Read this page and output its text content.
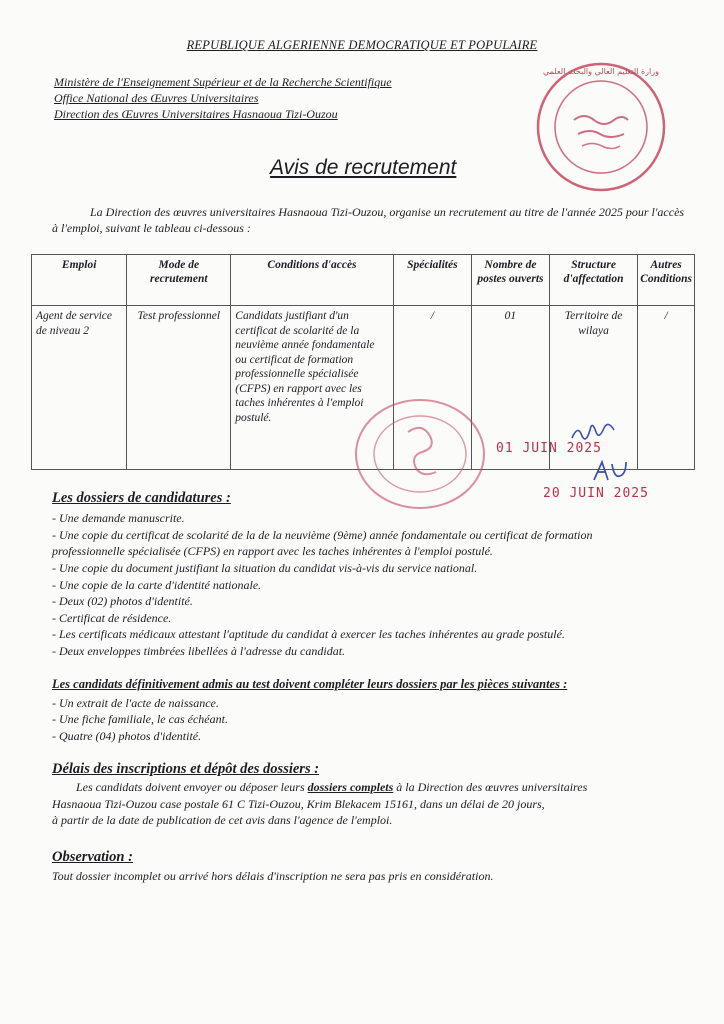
REPUBLIQUE ALGERIENNE DEMOCRATIQUE ET POPULAIRE
Ministère de l'Enseignement Supérieur et de la Recherche Scientifique
Office National des Œuvres Universitaires
Direction des Œuvres Universitaires Hasnaoua Tizi-Ouzou
وزارة التعليم العالي والبحث العلمي
Avis de recrutement
La Direction des œuvres universitaires Hasnaoua Tizi-Ouzou, organise un recrutement au titre de l'année 2025 pour l'accès à l'emploi, suivant le tableau ci-dessous :
Emploi	Mode de recrutement	Conditions d'accès	Spécialités	Nombre de postes ouverts	Structure d'affectation	Autres Conditions
Agent de service de niveau 2	Test professionnel	Candidats justifiant d'un certificat de scolarité de la neuvième année fondamentale ou certificat de formation professionnelle spécialisée (CFPS) en rapport avec les taches inhérentes à l'emploi postulé.	/	01	Territoire de wilaya	/
01 JUIN 2025
20 JUIN 2025
Les dossiers de candidatures :
- Une demande manuscrite.
- Une copie du certificat de scolarité de la de la neuvième (9ème) année fondamentale ou certificat de formation
professionnelle spécialisée (CFPS) en rapport avec les taches inhérentes à l'emploi postulé.
- Une copie du document justifiant la situation du candidat vis-à-vis du service national.
- Une copie de la carte d'identité nationale.
- Deux (02) photos d'identité.
- Certificat de résidence.
- Les certificats médicaux attestant l'aptitude du candidat à exercer les taches inhérentes au grade postulé.
- Deux enveloppes timbrées libellées à l'adresse du candidat.
Les candidats définitivement admis au test doivent compléter leurs dossiers par les pièces suivantes :
- Un extrait de l'acte de naissance.
- Une fiche familiale, le cas échéant.
- Quatre (04) photos d'identité.
Délais des inscriptions et dépôt des dossiers :
Les candidats doivent envoyer ou déposer leurs dossiers complets à la Direction des œuvres universitaires
Hasnaoua Tizi-Ouzou case postale 61 C Tizi-Ouzou, Krim Blekacem 15161, dans un délai de 20 jours,
à partir de la date de publication de cet avis dans l'agence de l'emploi.
Observation :
Tout dossier incomplet ou arrivé hors délais d'inscription ne sera pas pris en considération.
